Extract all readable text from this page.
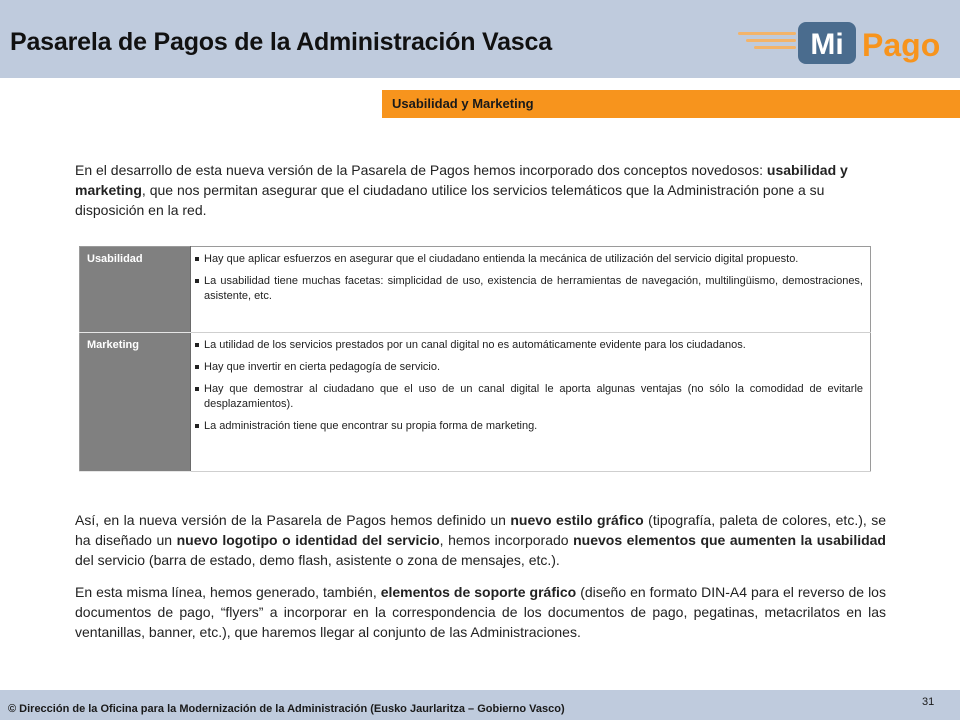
Pasarela de Pagos de la Administración Vasca	Mi Pago
Usabilidad y Marketing
En el desarrollo de esta nueva versión de la Pasarela de Pagos hemos incorporado dos conceptos novedosos: usabilidad y marketing, que nos permitan asegurar que el ciudadano utilice los servicios telemáticos que la Administración pone a su disposición en la red.
Usabilidad	Hay que aplicar esfuerzos en asegurar que el ciudadano entienda la mecánica de utilización del servicio digital propuesto.
La usabilidad tiene muchas facetas: simplicidad de uso, existencia de herramientas de navegación, multilingüismo, demostraciones, asistente, etc.

Marketing	La utilidad de los servicios prestados por un canal digital no es automáticamente evidente para los ciudadanos.
Hay que invertir en cierta pedagogía de servicio.
Hay que demostrar al ciudadano que el uso de un canal digital le aporta algunas ventajas (no sólo la comodidad de evitarle desplazamientos).
La administración tiene que encontrar su propia forma de marketing.

Así, en la nueva versión de la Pasarela de Pagos hemos definido un nuevo estilo gráfico (tipografía, paleta de colores, etc.), se ha diseñado un nuevo logotipo o identidad del servicio, hemos incorporado nuevos elementos que aumenten la usabilidad del servicio (barra de estado, demo flash, asistente o zona de mensajes, etc.).

En esta misma línea, hemos generado, también, elementos de soporte gráfico (diseño en formato DIN-A4 para el reverso de los documentos de pago, “flyers” a incorporar en la correspondencia de los documentos de pago, pegatinas, metacrilatos en las ventanillas, banner, etc.), que haremos llegar al conjunto de las Administraciones.

© Dirección de la Oficina para la Modernización de la Administración (Eusko Jaurlaritza – Gobierno Vasco)
31
